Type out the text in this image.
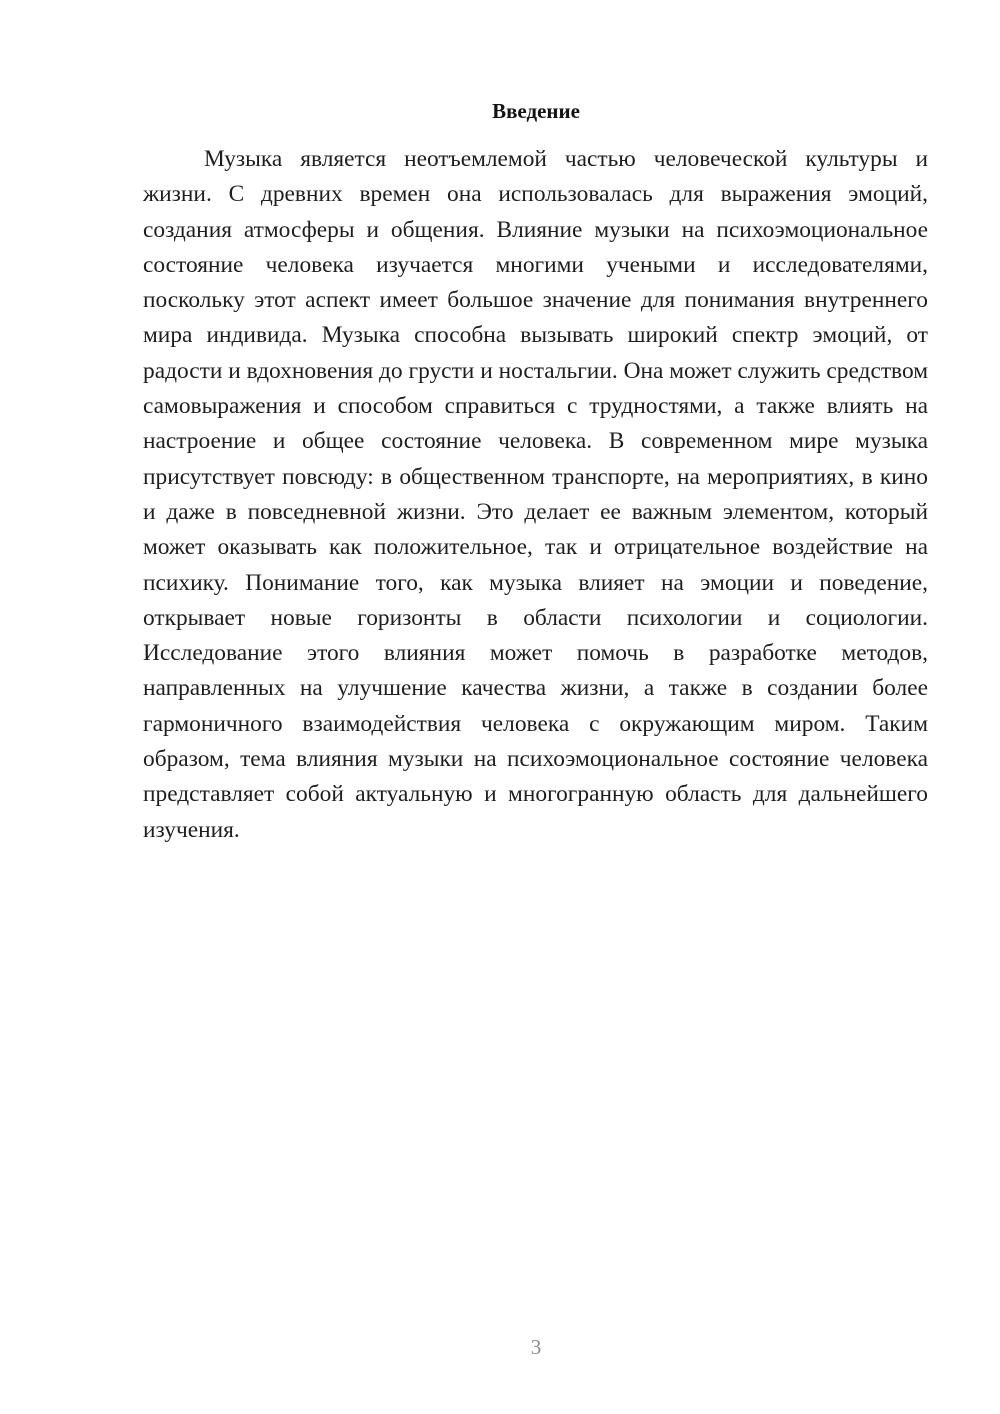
Введение

Музыка является неотъемлемой частью человеческой культуры и жизни. С древних времен она использовалась для выражения эмоций, создания атмосферы и общения. Влияние музыки на психоэмоциональное состояние человека изучается многими учеными и исследователями, поскольку этот аспект имеет большое значение для понимания внутреннего мира индивида. Музыка способна вызывать широкий спектр эмоций, от радости и вдохновения до грусти и ностальгии. Она может служить средством самовыражения и способом справиться с трудностями, а также влиять на настроение и общее состояние человека. В современном мире музыка присутствует повсюду: в общественном транспорте, на мероприятиях, в кино и даже в повседневной жизни. Это делает ее важным элементом, который может оказывать как положительное, так и отрицательное воздействие на психику. Понимание того, как музыка влияет на эмоции и поведение, открывает новые горизонты в области психологии и социологии. Исследование этого влияния может помочь в разработке методов, направленных на улучшение качества жизни, а также в создании более гармоничного взаимодействия человека с окружающим миром. Таким образом, тема влияния музыки на психоэмоциональное состояние человека представляет собой актуальную и многогранную область для дальнейшего изучения.

3
